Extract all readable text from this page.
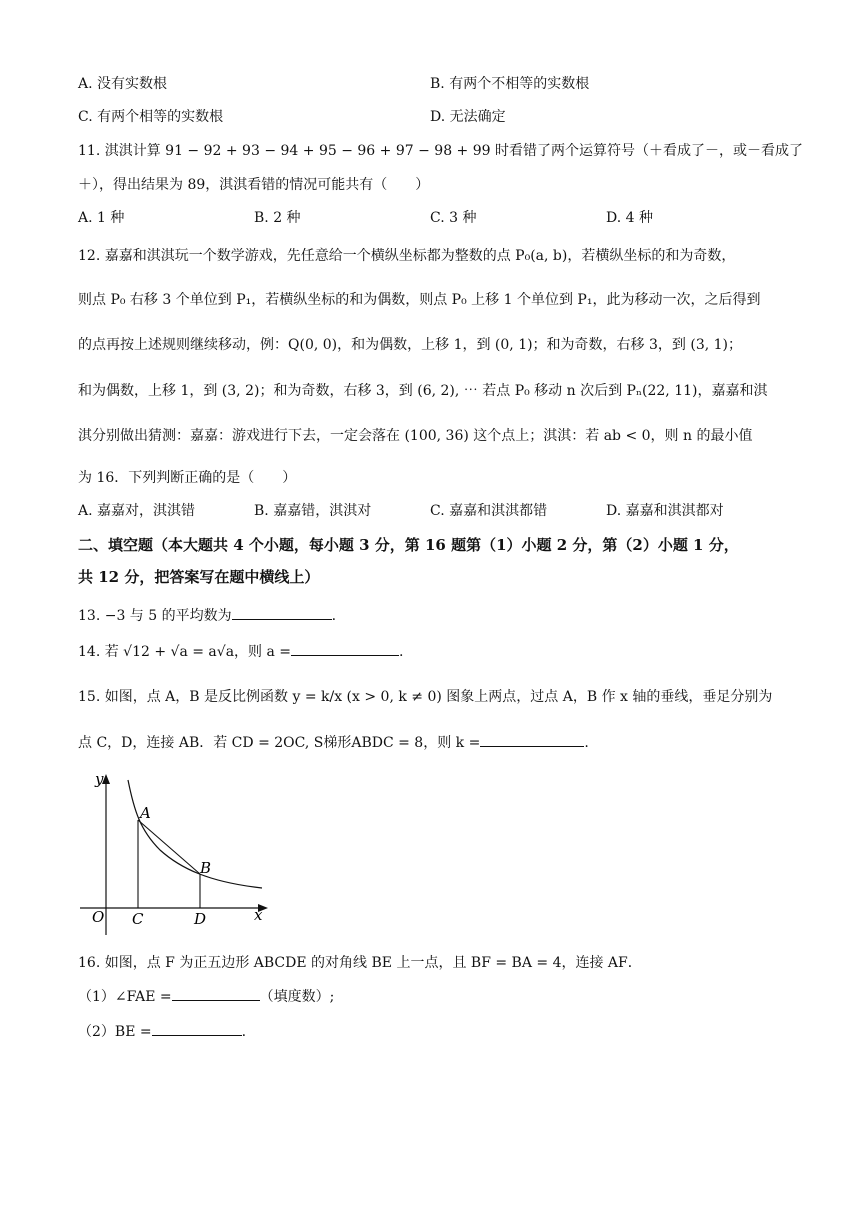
A. 没有实数根	B. 有两个不相等的实数根
C. 有两个相等的实数根	D. 无法确定
11. 淇淇计算 91 − 92 + 93 − 94 + 95 − 96 + 97 − 98 + 99 时看错了两个运算符号（＋看成了－，或－看成了
＋），得出结果为 89，淇淇看错的情况可能共有（　　）
A. 1 种	B. 2 种	C. 3 种	D. 4 种
12. 嘉嘉和淇淇玩一个数学游戏，先任意给一个横纵坐标都为整数的点 P₀(a, b)，若横纵坐标的和为奇数，
则点 P₀ 右移 3 个单位到 P₁，若横纵坐标的和为偶数，则点 P₀ 上移 1 个单位到 P₁，此为移动一次，之后得到
的点再按上述规则继续移动，例：Q(0, 0)，和为偶数，上移 1，到 (0, 1)；和为奇数，右移 3，到 (3, 1)；
和为偶数，上移 1，到 (3, 2)；和为奇数，右移 3，到 (6, 2), ⋯ 若点 P₀ 移动 n 次后到 Pₙ(22, 11)，嘉嘉和淇
淇分别做出猜测：嘉嘉：游戏进行下去，一定会落在 (100, 36) 这个点上；淇淇：若 ab < 0，则 n 的最小值
为 16．下列判断正确的是（　　）
A. 嘉嘉对，淇淇错	B. 嘉嘉错，淇淇对	C. 嘉嘉和淇淇都错	D. 嘉嘉和淇淇都对
二、填空题（本大题共 4 个小题，每小题 3 分，第 16 题第（1）小题 2 分，第（2）小题 1 分，
共 12 分，把答案写在题中横线上）
13. −3 与 5 的平均数为	.
14. 若 √12 + √a = a√a，则 a =	.
15. 如图，点 A，B 是反比例函数 y = k/x (x > 0, k ≠ 0) 图象上两点，过点 A，B 作 x 轴的垂线，垂足分别为
点 C，D，连接 AB．若 CD = 2OC, S梯形ABDC = 8，则 k =	.
y
x
O
A
B
C	D
16. 如图，点 F 为正五边形 ABCDE 的对角线 BE 上一点，且 BF = BA = 4，连接 AF．
（1）∠FAE =	（填度数）;
（2）BE =	.
